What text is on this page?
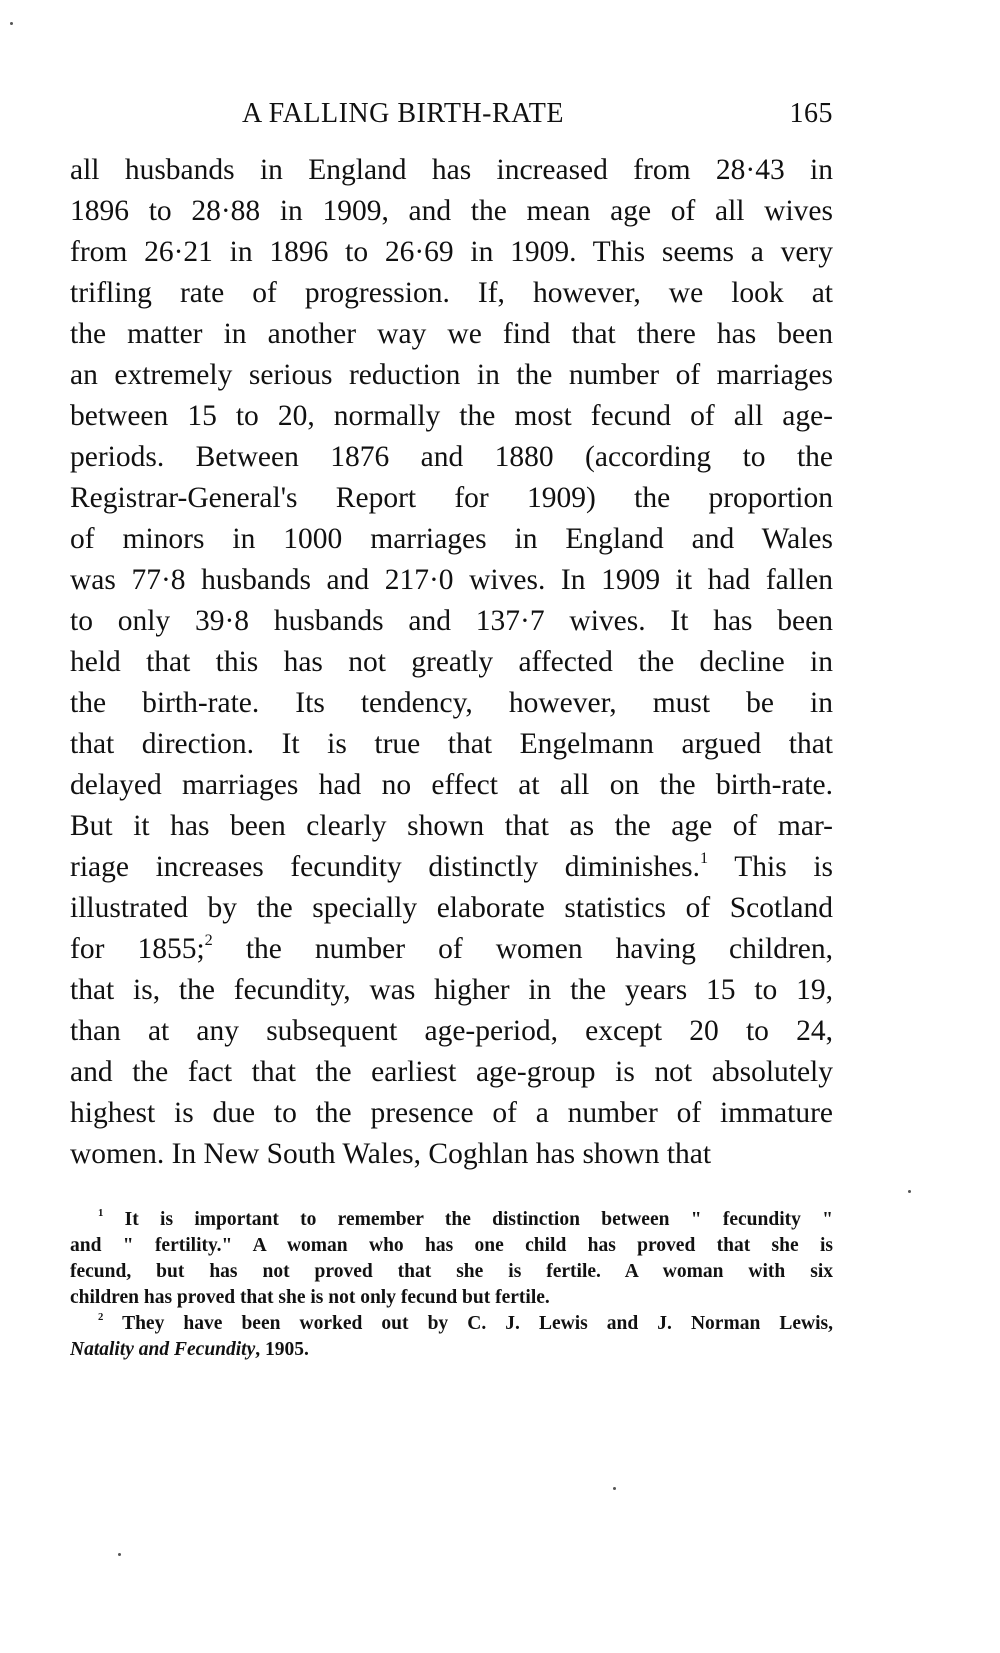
A FALLING BIRTH-RATE	165
all husbands in England has increased from 28·43 in
1896 to 28·88 in 1909, and the mean age of all wives
from 26·21 in 1896 to 26·69 in 1909. This seems a very
trifling rate of progression. If, however, we look at
the matter in another way we find that there has been
an extremely serious reduction in the number of marriages
between 15 to 20, normally the most fecund of all age-
periods. Between 1876 and 1880 (according to the
Registrar-General's Report for 1909) the proportion
of minors in 1000 marriages in England and Wales
was 77·8 husbands and 217·0 wives. In 1909 it had fallen
to only 39·8 husbands and 137·7 wives. It has been
held that this has not greatly affected the decline in
the birth-rate. Its tendency, however, must be in
that direction. It is true that Engelmann argued that
delayed marriages had no effect at all on the birth-rate.
But it has been clearly shown that as the age of mar-
riage increases fecundity distinctly diminishes.$^1$ This is
illustrated by the specially elaborate statistics of Scotland
for 1855;$^2$ the number of women having children,
that is, the fecundity, was higher in the years 15 to 19,
than at any subsequent age-period, except 20 to 24,
and the fact that the earliest age-group is not absolutely
highest is due to the presence of a number of immature
women. In New South Wales, Coghlan has shown that
$^1$ It is important to remember the distinction between " fecundity "
and " fertility." A woman who has one child has proved that she is
fecund, but has not proved that she is fertile. A woman with six
children has proved that she is not only fecund but fertile.
$^2$ They have been worked out by C. J. Lewis and J. Norman Lewis,
Natality and Fecundity, 1905.
